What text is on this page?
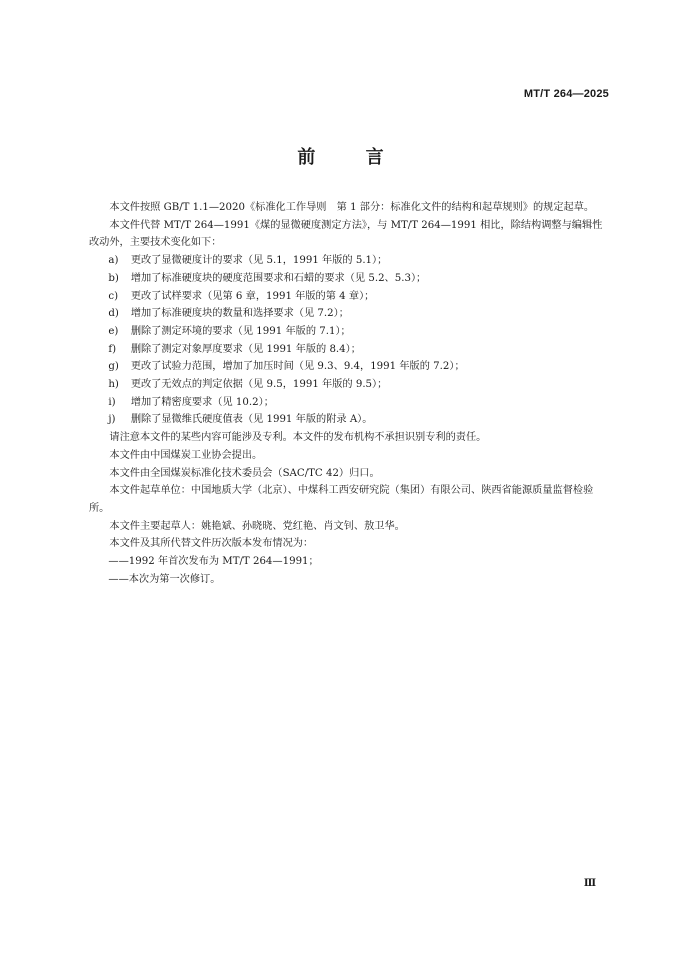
MT/T 264—2025
前 言

本文件按照 GB/T 1.1—2020《标准化工作导则　第 1 部分：标准化文件的结构和起草规则》的规定起草。

本文件代替 MT/T 264—1991《煤的显微硬度测定方法》，与 MT/T 264—1991 相比，除结构调整与编辑性改动外，主要技术变化如下：

a) 更改了显微硬度计的要求（见 5.1，1991 年版的 5.1）；

b) 增加了标准硬度块的硬度范围要求和石蜡的要求（见 5.2、5.3）；

c) 更改了试样要求（见第 6 章，1991 年版的第 4 章）；

d) 增加了标准硬度块的数量和选择要求（见 7.2）；

e) 删除了测定环境的要求（见 1991 年版的 7.1）；

f) 删除了测定对象厚度要求（见 1991 年版的 8.4）；

g) 更改了试验力范围，增加了加压时间（见 9.3、9.4，1991 年版的 7.2）；

h) 更改了无效点的判定依据（见 9.5，1991 年版的 9.5）；

i) 增加了精密度要求（见 10.2）；

j) 删除了显微维氏硬度值表（见 1991 年版的附录 A）。

请注意本文件的某些内容可能涉及专利。本文件的发布机构不承担识别专利的责任。

本文件由中国煤炭工业协会提出。

本文件由全国煤炭标准化技术委员会（SAC/TC 42）归口。

本文件起草单位：中国地质大学（北京）、中煤科工西安研究院（集团）有限公司、陕西省能源质量监督检验所。

本文件主要起草人：姚艳斌、孙晓晓、党红艳、肖文钊、敖卫华。

本文件及其所代替文件历次版本发布情况为：

——1992 年首次发布为 MT/T 264—1991；

——本次为第一次修订。

Ⅲ
